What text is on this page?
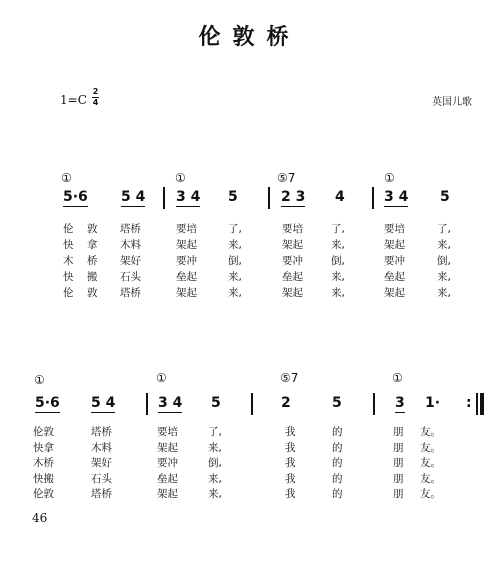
伦敦桥
1=C
2
4	英国儿歌
①	①	⑤7	①
5·6 5 4 3 4 5	2 3 4	3 4 5
伦 敦 塔桥	要培	了,	要培	了,	要培	了,
快 拿 木料	架起	来,	架起	来,	架起	来,
木 桥 架好	要冲	倒,	要冲	倒,	要冲	倒,
快 搬 石头	垒起	来,	垒起	来,	垒起	来,
伦 敦 塔桥	架起	来,	架起	来,	架起	来,
①	①	⑤7	①
5·6 5 4	3 4 5	2	5	3 1· :
伦敦	塔桥	要培	了,	我	的	朋 友。
快拿	木料	架起	来,	我	的	朋 友。
木桥	架好	要冲	倒,	我	的	朋 友。
快搬	石头	垒起	来,	我	的	朋 友。
伦敦	塔桥	架起	来,	我	的	朋 友。
46
